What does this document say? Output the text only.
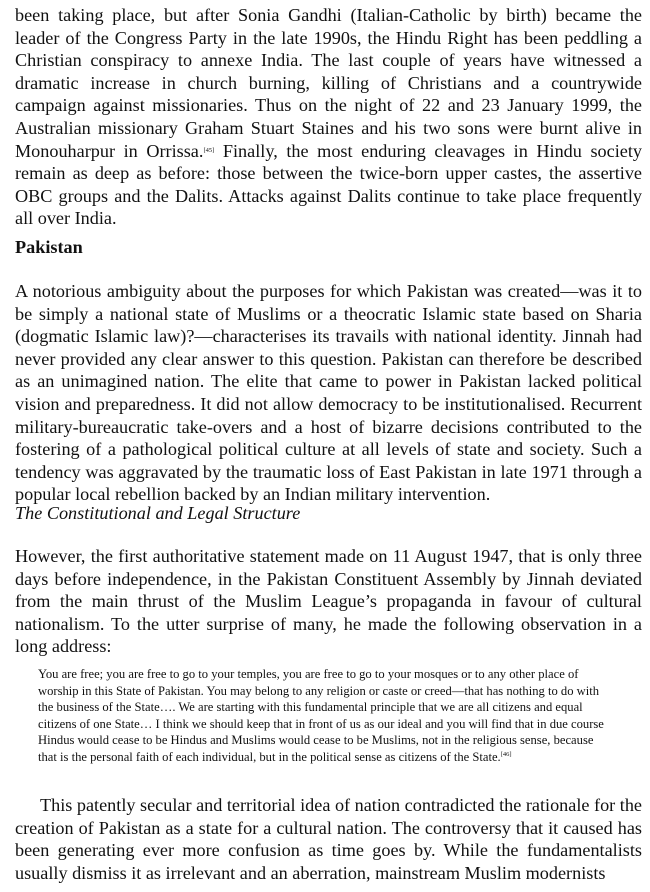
been taking place, but after Sonia Gandhi (Italian-Catholic by birth) became the leader of the Congress Party in the late 1990s, the Hindu Right has been peddling a Christian conspiracy to annexe India. The last couple of years have witnessed a dramatic increase in church burning, killing of Christians and a countrywide campaign against missionaries. Thus on the night of 22 and 23 January 1999, the Australian missionary Graham Stuart Staines and his two sons were burnt alive in Monouharpur in Orrissa.[45] Finally, the most enduring cleavages in Hindu society remain as deep as before: those between the twice-born upper castes, the assertive OBC groups and the Dalits. Attacks against Dalits continue to take place frequently all over India.

Pakistan

A notorious ambiguity about the purposes for which Pakistan was created—was it to be simply a national state of Muslims or a theocratic Islamic state based on Sharia (dogmatic Islamic law)?—characterises its travails with national identity. Jinnah had never provided any clear answer to this question. Pakistan can therefore be described as an unimagined nation. The elite that came to power in Pakistan lacked political vision and preparedness. It did not allow democracy to be institutionalised. Recurrent military-bureaucratic take-overs and a host of bizarre decisions contributed to the fostering of a pathological political culture at all levels of state and society. Such a tendency was aggravated by the traumatic loss of East Pakistan in late 1971 through a popular local rebellion backed by an Indian military intervention.

The Constitutional and Legal Structure

However, the first authoritative statement made on 11 August 1947, that is only three days before independence, in the Pakistan Constituent Assembly by Jinnah deviated from the main thrust of the Muslim League’s propaganda in favour of cultural nationalism. To the utter surprise of many, he made the following observation in a long address:

You are free; you are free to go to your temples, you are free to go to your mosques or to any other place of worship in this State of Pakistan. You may belong to any religion or caste or creed—that has nothing to do with the business of the State…. We are starting with this fundamental principle that we are all citizens and equal citizens of one State… I think we should keep that in front of us as our ideal and you will find that in due course Hindus would cease to be Hindus and Muslims would cease to be Muslims, not in the religious sense, because that is the personal faith of each individual, but in the political sense as citizens of the State.[46]

This patently secular and territorial idea of nation contradicted the rationale for the creation of Pakistan as a state for a cultural nation. The controversy that it caused has been generating ever more confusion as time goes by. While the fundamentalists usually dismiss it as irrelevant and an aberration, mainstream Muslim modernists
